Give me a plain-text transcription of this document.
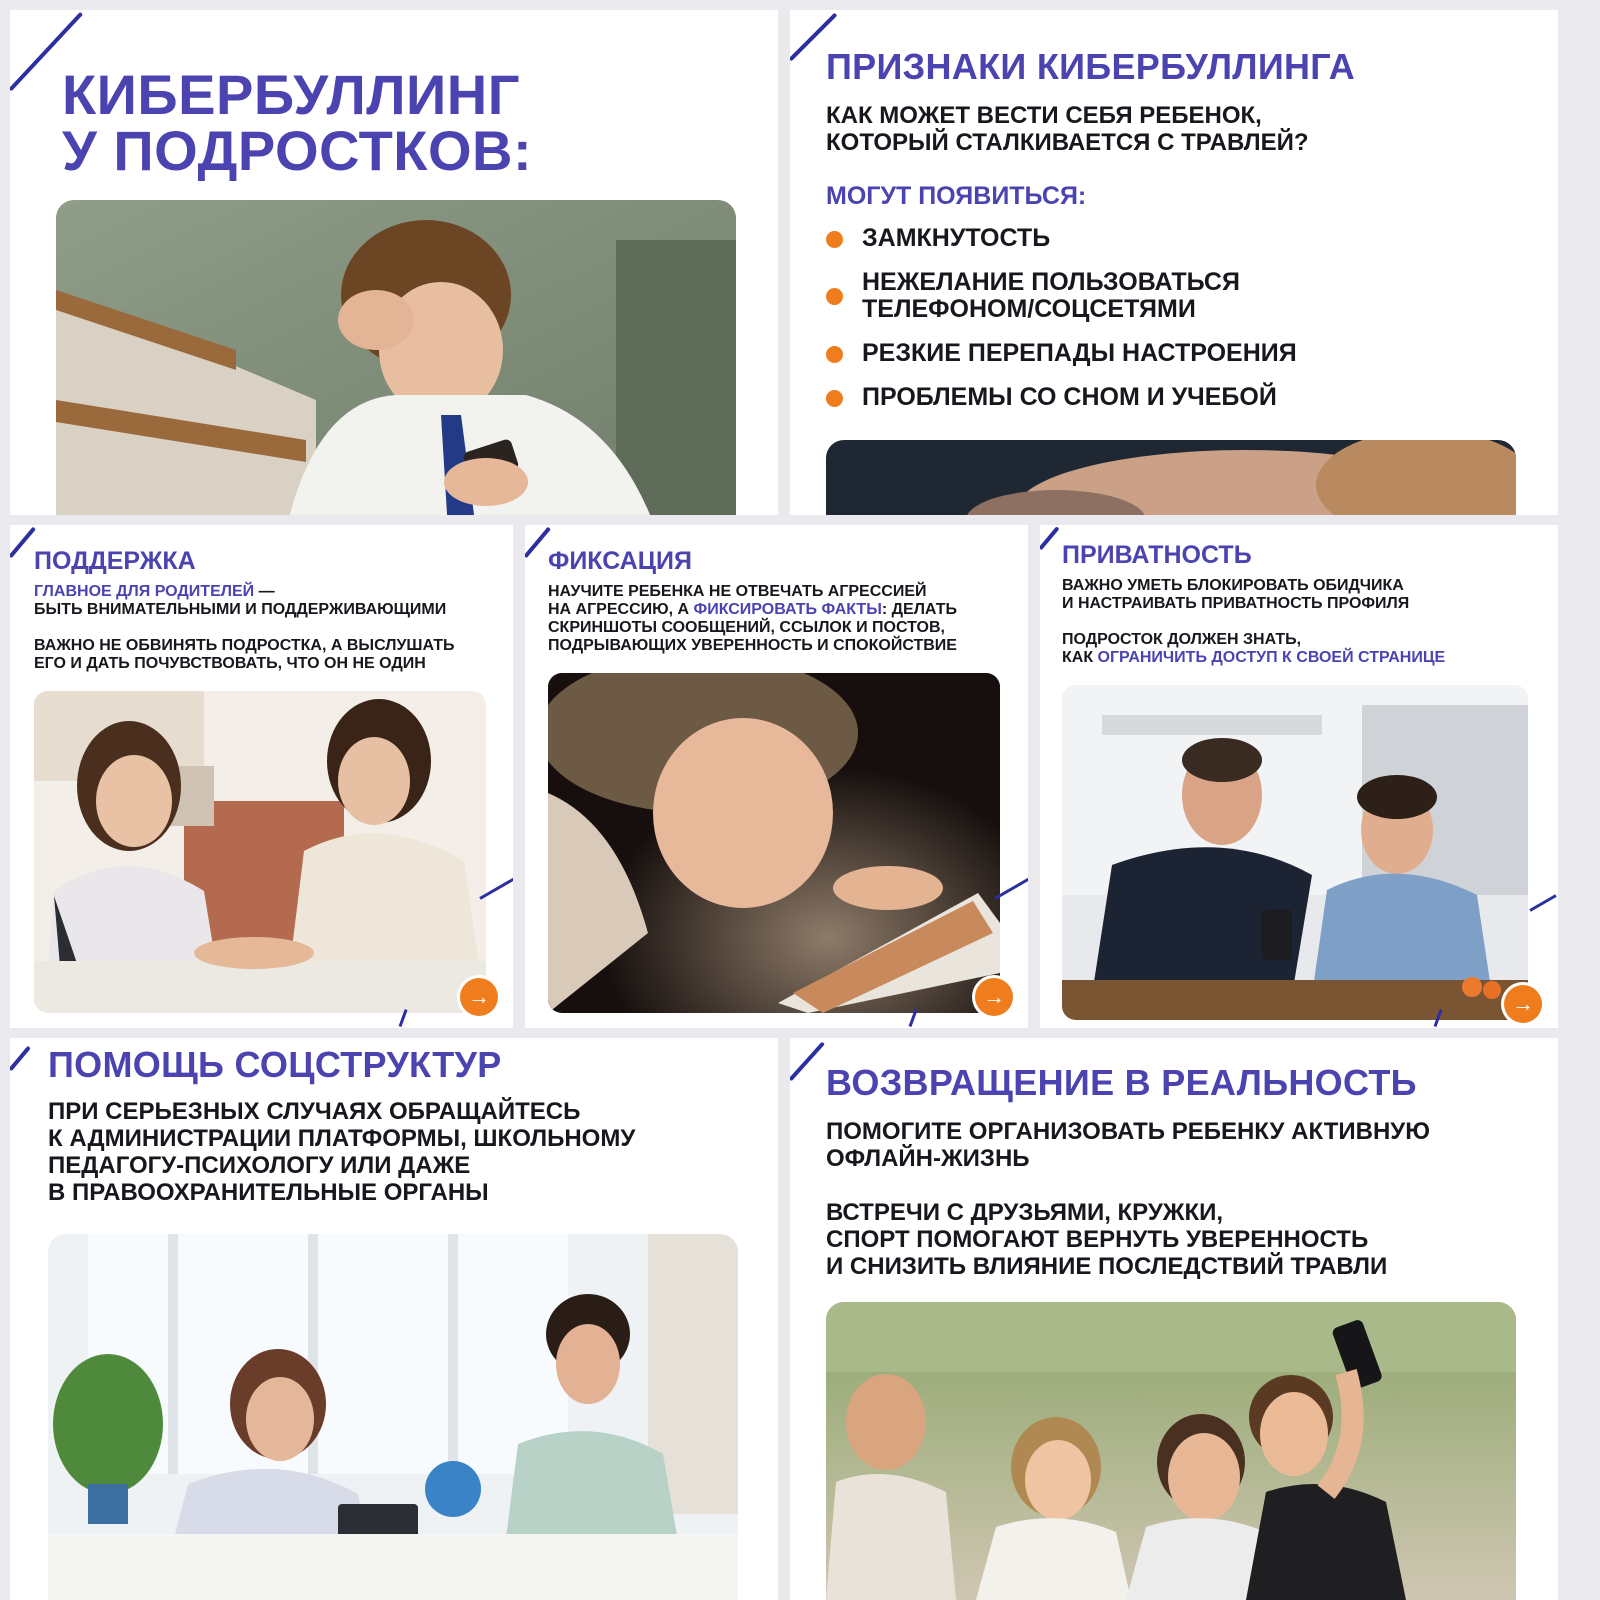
КИБЕРБУЛЛИНГ
У ПОДРОСТКОВ:
ПРИЗНАКИ КИБЕРБУЛЛИНГА
КАК МОЖЕТ ВЕСТИ СЕБЯ РЕБЕНОК,
КОТОРЫЙ СТАЛКИВАЕТСЯ С ТРАВЛЕЙ?
МОГУТ ПОЯВИТЬСЯ:
ЗАМКНУТОСТЬ
НЕЖЕЛАНИЕ ПОЛЬЗОВАТЬСЯ
ТЕЛЕФОНОМ/СОЦСЕТЯМИ
РЕЗКИЕ ПЕРЕПАДЫ НАСТРОЕНИЯ
ПРОБЛЕМЫ СО СНОМ И УЧЕБОЙ
ПОДДЕРЖКА
ГЛАВНОЕ ДЛЯ РОДИТЕЛЕЙ —
БЫТЬ ВНИМАТЕЛЬНЫМИ И ПОДДЕРЖИВАЮЩИМИ
ВАЖНО НЕ ОБВИНЯТЬ ПОДРОСТКА, А ВЫСЛУШАТЬ
ЕГО И ДАТЬ ПОЧУВСТВОВАТЬ, ЧТО ОН НЕ ОДИН
→
ФИКСАЦИЯ
НАУЧИТЕ РЕБЕНКА НЕ ОТВЕЧАТЬ АГРЕССИЕЙ
НА АГРЕССИЮ, А ФИКСИРОВАТЬ ФАКТЫ: ДЕЛАТЬ
СКРИНШОТЫ СООБЩЕНИЙ, ССЫЛОК И ПОСТОВ,
ПОДРЫВАЮЩИХ УВЕРЕННОСТЬ И СПОКОЙСТВИЕ
→
ПРИВАТНОСТЬ
ВАЖНО УМЕТЬ БЛОКИРОВАТЬ ОБИДЧИКА
И НАСТРАИВАТЬ ПРИВАТНОСТЬ ПРОФИЛЯ
ПОДРОСТОК ДОЛЖЕН ЗНАТЬ,
КАК ОГРАНИЧИТЬ ДОСТУП К СВОЕЙ СТРАНИЦЕ
→
ПОМОЩЬ СОЦСТРУКТУР
ПРИ СЕРЬЕЗНЫХ СЛУЧАЯХ ОБРАЩАЙТЕСЬ
К АДМИНИСТРАЦИИ ПЛАТФОРМЫ, ШКОЛЬНОМУ
ПЕДАГОГУ-ПСИХОЛОГУ ИЛИ ДАЖЕ
В ПРАВООХРАНИТЕЛЬНЫЕ ОРГАНЫ
ВОЗВРАЩЕНИЕ В РЕАЛЬНОСТЬ
ПОМОГИТЕ ОРГАНИЗОВАТЬ РЕБЕНКУ АКТИВНУЮ
ОФЛАЙН-ЖИЗНЬ
ВСТРЕЧИ С ДРУЗЬЯМИ, КРУЖКИ,
СПОРТ ПОМОГАЮТ ВЕРНУТЬ УВЕРЕННОСТЬ
И СНИЗИТЬ ВЛИЯНИЕ ПОСЛЕДСТВИЙ ТРАВЛИ
